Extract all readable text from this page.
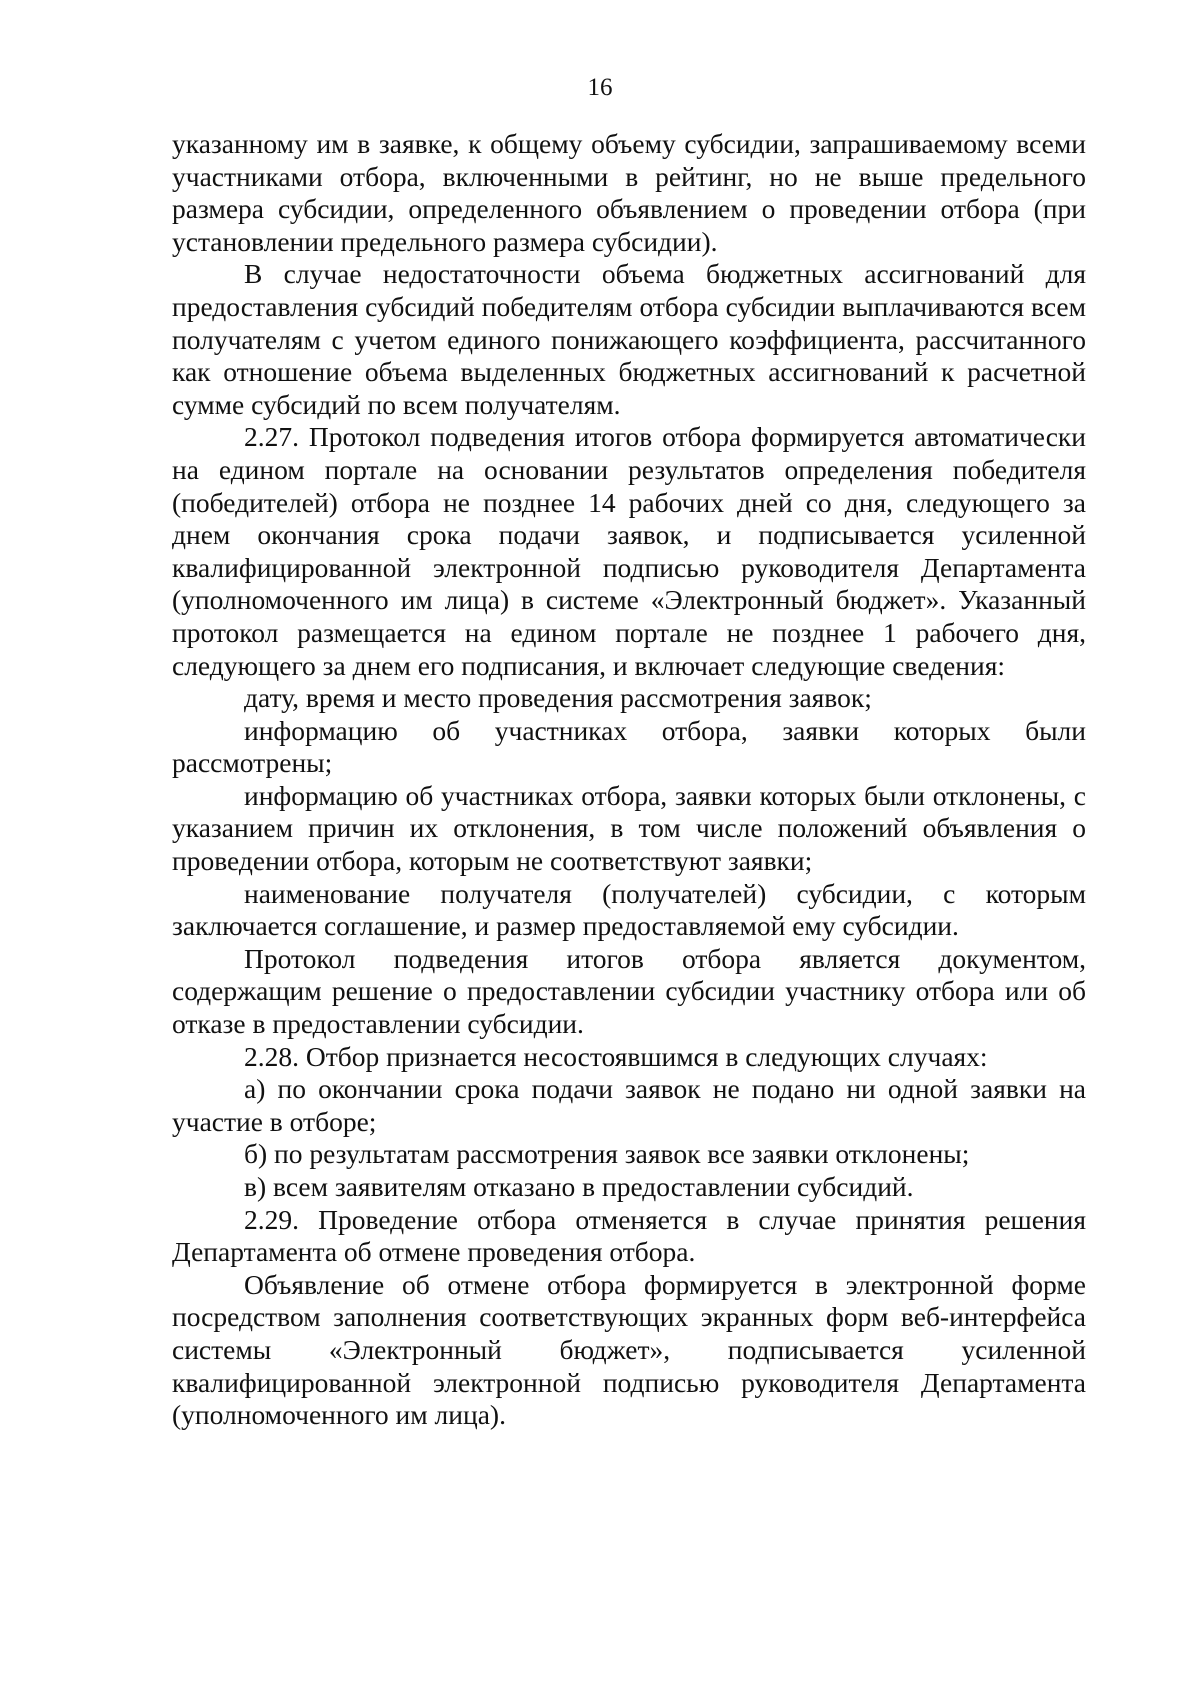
16

указанному им в заявке, к общему объему субсидии, запрашиваемому всеми участниками отбора, включенными в рейтинг, но не выше предельного размера субсидии, определенного объявлением о проведении отбора (при установлении предельного размера субсидии).

В случае недостаточности объема бюджетных ассигнований для предоставления субсидий победителям отбора субсидии выплачиваются всем получателям с учетом единого понижающего коэффициента, рассчитанного как отношение объема выделенных бюджетных ассигнований к расчетной сумме субсидий по всем получателям.

2.27. Протокол подведения итогов отбора формируется автоматически на едином портале на основании результатов определения победителя (победителей) отбора не позднее 14 рабочих дней со дня, следующего за днем окончания срока подачи заявок, и подписывается усиленной квалифицированной электронной подписью руководителя Департамента (уполномоченного им лица) в системе «Электронный бюджет». Указанный протокол размещается на едином портале не позднее 1 рабочего дня, следующего за днем его подписания, и включает следующие сведения:

дату, время и место проведения рассмотрения заявок;

информацию об участниках отбора, заявки которых были рассмотрены;

информацию об участниках отбора, заявки которых были отклонены, с указанием причин их отклонения, в том числе положений объявления о проведении отбора, которым не соответствуют заявки;

наименование получателя (получателей) субсидии, с которым заключается соглашение, и размер предоставляемой ему субсидии.

Протокол подведения итогов отбора является документом, содержащим решение о предоставлении субсидии участнику отбора или об отказе в предоставлении субсидии.

2.28. Отбор признается несостоявшимся в следующих случаях:

а) по окончании срока подачи заявок не подано ни одной заявки на участие в отборе;

б) по результатам рассмотрения заявок все заявки отклонены;

в) всем заявителям отказано в предоставлении субсидий.

2.29. Проведение отбора отменяется в случае принятия решения Департамента об отмене проведения отбора.

Объявление об отмене отбора формируется в электронной форме посредством заполнения соответствующих экранных форм веб-интерфейса системы «Электронный бюджет», подписывается усиленной квалифицированной электронной подписью руководителя Департамента (уполномоченного им лица).
